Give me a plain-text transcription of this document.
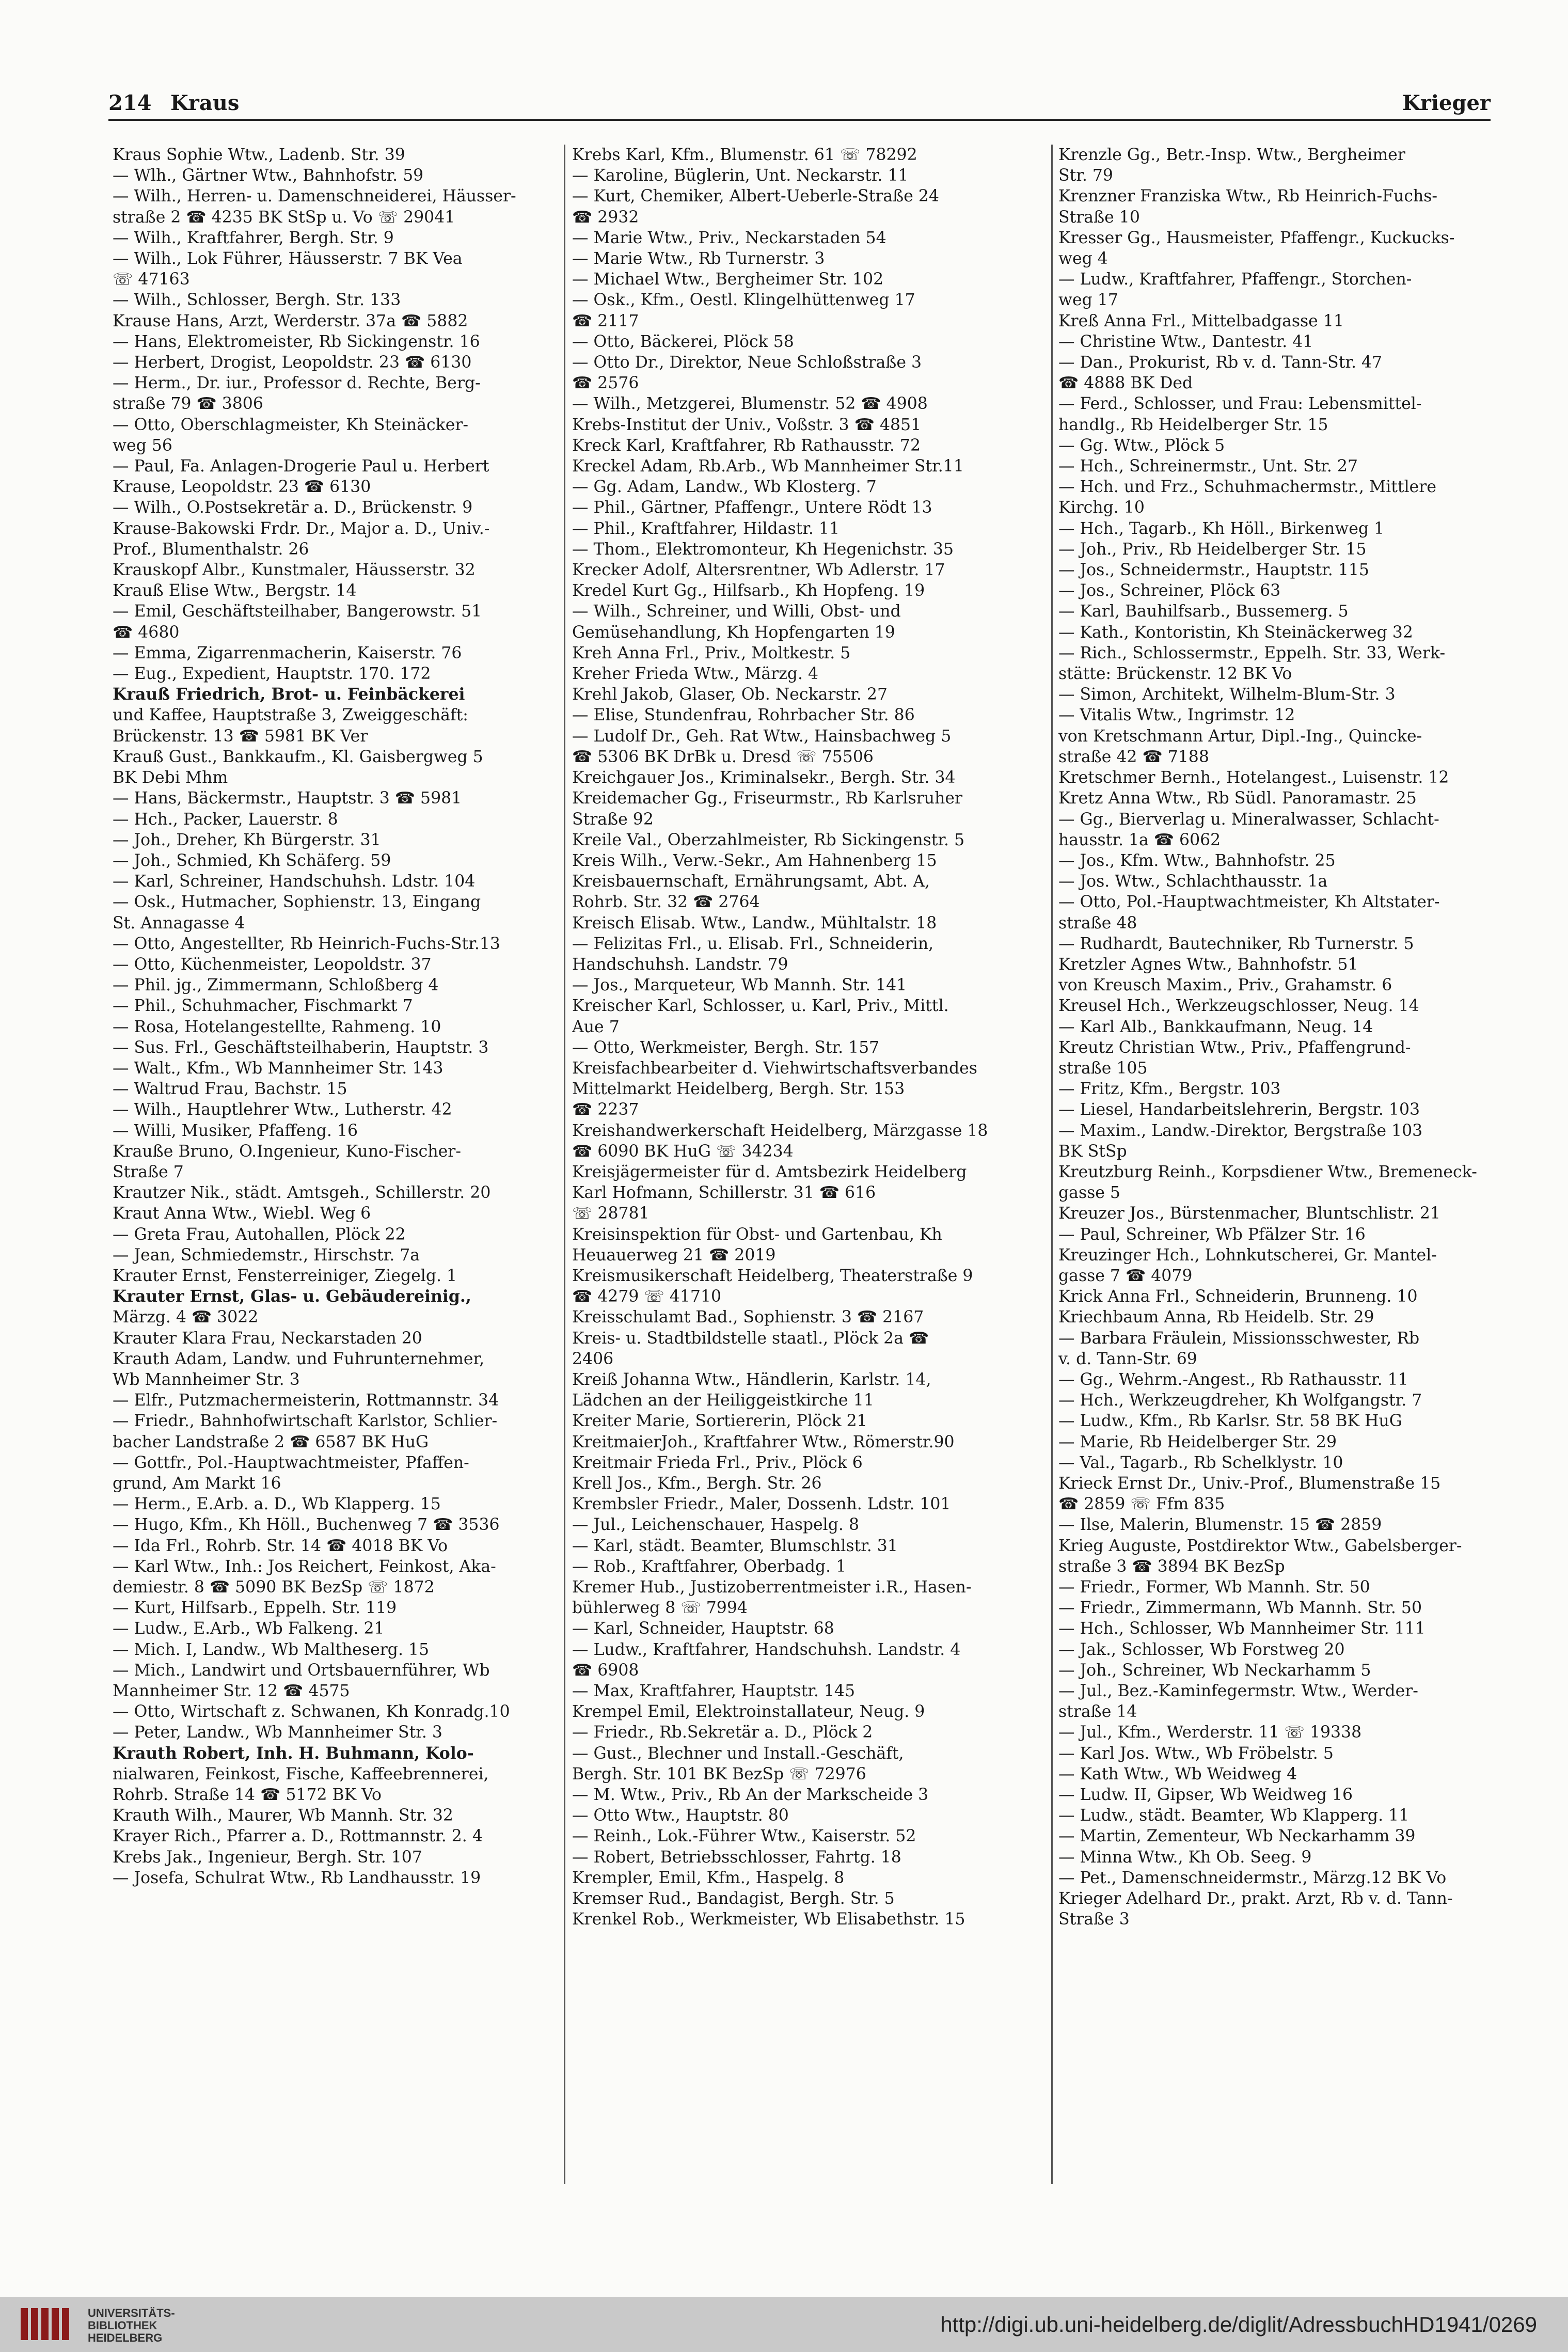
214 Kraus	Krieger
Kraus Sophie Wtw., Ladenb. Str. 39
— Wlh., Gärtner Wtw., Bahnhofstr. 59
— Wilh., Herren- u. Damenschneiderei, Häusser-
straße 2 ☎ 4235 BK StSp u. Vo ☏ 29041
— Wilh., Kraftfahrer, Bergh. Str. 9
— Wilh., Lok Führer, Häusserstr. 7 BK Vea
☏ 47163
— Wilh., Schlosser, Bergh. Str. 133
Krause Hans, Arzt, Werderstr. 37a ☎ 5882
— Hans, Elektromeister, Rb Sickingenstr. 16
— Herbert, Drogist, Leopoldstr. 23 ☎ 6130
— Herm., Dr. iur., Professor d. Rechte, Berg-
straße 79 ☎ 3806
— Otto, Oberschlagmeister, Kh Steinäcker-
weg 56
— Paul, Fa. Anlagen-Drogerie Paul u. Herbert
Krause, Leopoldstr. 23 ☎ 6130
— Wilh., O.Postsekretär a. D., Brückenstr. 9
Krause-Bakowski Frdr. Dr., Major a. D., Univ.-
Prof., Blumenthalstr. 26
Krauskopf Albr., Kunstmaler, Häusserstr. 32
Krauß Elise Wtw., Bergstr. 14
— Emil, Geschäftsteilhaber, Bangerowstr. 51
☎ 4680
— Emma, Zigarrenmacherin, Kaiserstr. 76
— Eug., Expedient, Hauptstr. 170. 172
Krauß Friedrich, Brot- u. Feinbäckerei
und Kaffee, Hauptstraße 3, Zweiggeschäft:
Brückenstr. 13 ☎ 5981 BK Ver
Krauß Gust., Bankkaufm., Kl. Gaisbergweg 5
BK Debi Mhm
— Hans, Bäckermstr., Hauptstr. 3 ☎ 5981
— Hch., Packer, Lauerstr. 8
— Joh., Dreher, Kh Bürgerstr. 31
— Joh., Schmied, Kh Schäferg. 59
— Karl, Schreiner, Handschuhsh. Ldstr. 104
— Osk., Hutmacher, Sophienstr. 13, Eingang
St. Annagasse 4
— Otto, Angestellter, Rb Heinrich-Fuchs-Str.13
— Otto, Küchenmeister, Leopoldstr. 37
— Phil. jg., Zimmermann, Schloßberg 4
— Phil., Schuhmacher, Fischmarkt 7
— Rosa, Hotelangestellte, Rahmeng. 10
— Sus. Frl., Geschäftsteilhaberin, Hauptstr. 3
— Walt., Kfm., Wb Mannheimer Str. 143
— Waltrud Frau, Bachstr. 15
— Wilh., Hauptlehrer Wtw., Lutherstr. 42
— Willi, Musiker, Pfaffeng. 16
Krauße Bruno, O.Ingenieur, Kuno-Fischer-
Straße 7
Krautzer Nik., städt. Amtsgeh., Schillerstr. 20
Kraut Anna Wtw., Wiebl. Weg 6
— Greta Frau, Autohallen, Plöck 22
— Jean, Schmiedemstr., Hirschstr. 7a
Krauter Ernst, Fensterreiniger, Ziegelg. 1
Krauter Ernst, Glas- u. Gebäudereinig.,
Märzg. 4 ☎ 3022
Krauter Klara Frau, Neckarstaden 20
Krauth Adam, Landw. und Fuhrunternehmer,
Wb Mannheimer Str. 3
— Elfr., Putzmachermeisterin, Rottmannstr. 34
— Friedr., Bahnhofwirtschaft Karlstor, Schlier-
bacher Landstraße 2 ☎ 6587 BK HuG
— Gottfr., Pol.-Hauptwachtmeister, Pfaffen-
grund, Am Markt 16
— Herm., E.Arb. a. D., Wb Klapperg. 15
— Hugo, Kfm., Kh Höll., Buchenweg 7 ☎ 3536
— Ida Frl., Rohrb. Str. 14 ☎ 4018 BK Vo
— Karl Wtw., Inh.: Jos Reichert, Feinkost, Aka-
demiestr. 8 ☎ 5090 BK BezSp ☏ 1872
— Kurt, Hilfsarb., Eppelh. Str. 119
— Ludw., E.Arb., Wb Falkeng. 21
— Mich. I, Landw., Wb Maltheserg. 15
— Mich., Landwirt und Ortsbauernführer, Wb
Mannheimer Str. 12 ☎ 4575
— Otto, Wirtschaft z. Schwanen, Kh Konradg.10
— Peter, Landw., Wb Mannheimer Str. 3
Krauth Robert, Inh. H. Buhmann, Kolo-
nialwaren, Feinkost, Fische, Kaffeebrennerei,
Rohrb. Straße 14 ☎ 5172 BK Vo
Krauth Wilh., Maurer, Wb Mannh. Str. 32
Krayer Rich., Pfarrer a. D., Rottmannstr. 2. 4
Krebs Jak., Ingenieur, Bergh. Str. 107
— Josefa, Schulrat Wtw., Rb Landhausstr. 19
Krebs Karl, Kfm., Blumenstr. 61 ☏ 78292
— Karoline, Büglerin, Unt. Neckarstr. 11
— Kurt, Chemiker, Albert-Ueberle-Straße 24
☎ 2932
— Marie Wtw., Priv., Neckarstaden 54
— Marie Wtw., Rb Turnerstr. 3
— Michael Wtw., Bergheimer Str. 102
— Osk., Kfm., Oestl. Klingelhüttenweg 17
☎ 2117
— Otto, Bäckerei, Plöck 58
— Otto Dr., Direktor, Neue Schloßstraße 3
☎ 2576
— Wilh., Metzgerei, Blumenstr. 52 ☎ 4908
Krebs-Institut der Univ., Voßstr. 3 ☎ 4851
Kreck Karl, Kraftfahrer, Rb Rathausstr. 72
Kreckel Adam, Rb.Arb., Wb Mannheimer Str.11
— Gg. Adam, Landw., Wb Klosterg. 7
— Phil., Gärtner, Pfaffengr., Untere Rödt 13
— Phil., Kraftfahrer, Hildastr. 11
— Thom., Elektromonteur, Kh Hegenichstr. 35
Krecker Adolf, Altersrentner, Wb Adlerstr. 17
Kredel Kurt Gg., Hilfsarb., Kh Hopfeng. 19
— Wilh., Schreiner, und Willi, Obst- und
Gemüsehandlung, Kh Hopfengarten 19
Kreh Anna Frl., Priv., Moltkestr. 5
Kreher Frieda Wtw., Märzg. 4
Krehl Jakob, Glaser, Ob. Neckarstr. 27
— Elise, Stundenfrau, Rohrbacher Str. 86
— Ludolf Dr., Geh. Rat Wtw., Hainsbachweg 5
☎ 5306 BK DrBk u. Dresd ☏ 75506
Kreichgauer Jos., Kriminalsekr., Bergh. Str. 34
Kreidemacher Gg., Friseurmstr., Rb Karlsruher
Straße 92
Kreile Val., Oberzahlmeister, Rb Sickingenstr. 5
Kreis Wilh., Verw.-Sekr., Am Hahnenberg 15
Kreisbauernschaft, Ernährungsamt, Abt. A,
Rohrb. Str. 32 ☎ 2764
Kreisch Elisab. Wtw., Landw., Mühltalstr. 18
— Felizitas Frl., u. Elisab. Frl., Schneiderin,
Handschuhsh. Landstr. 79
— Jos., Marqueteur, Wb Mannh. Str. 141
Kreischer Karl, Schlosser, u. Karl, Priv., Mittl.
Aue 7
— Otto, Werkmeister, Bergh. Str. 157
Kreisfachbearbeiter d. Viehwirtschaftsverbandes
Mittelmarkt Heidelberg, Bergh. Str. 153
☎ 2237
Kreishandwerkerschaft Heidelberg, Märzgasse 18
☎ 6090 BK HuG ☏ 34234
Kreisjägermeister für d. Amtsbezirk Heidelberg
Karl Hofmann, Schillerstr. 31 ☎ 616
☏ 28781
Kreisinspektion für Obst- und Gartenbau, Kh
Heuauerweg 21 ☎ 2019
Kreismusikerschaft Heidelberg, Theaterstraße 9
☎ 4279 ☏ 41710
Kreisschulamt Bad., Sophienstr. 3 ☎ 2167
Kreis- u. Stadtbildstelle staatl., Plöck 2a ☎
2406
Kreiß Johanna Wtw., Händlerin, Karlstr. 14,
Lädchen an der Heiliggeistkirche 11
Kreiter Marie, Sortiererin, Plöck 21
KreitmaierJoh., Kraftfahrer Wtw., Römerstr.90
Kreitmair Frieda Frl., Priv., Plöck 6
Krell Jos., Kfm., Bergh. Str. 26
Krembsler Friedr., Maler, Dossenh. Ldstr. 101
— Jul., Leichenschauer, Haspelg. 8
— Karl, städt. Beamter, Blumschlstr. 31
— Rob., Kraftfahrer, Oberbadg. 1
Kremer Hub., Justizoberrentmeister i.R., Hasen-
bühlerweg 8 ☏ 7994
— Karl, Schneider, Hauptstr. 68
— Ludw., Kraftfahrer, Handschuhsh. Landstr. 4
☎ 6908
— Max, Kraftfahrer, Hauptstr. 145
Krempel Emil, Elektroinstallateur, Neug. 9
— Friedr., Rb.Sekretär a. D., Plöck 2
— Gust., Blechner und Install.-Geschäft,
Bergh. Str. 101 BK BezSp ☏ 72976
— M. Wtw., Priv., Rb An der Markscheide 3
— Otto Wtw., Hauptstr. 80
— Reinh., Lok.-Führer Wtw., Kaiserstr. 52
— Robert, Betriebsschlosser, Fahrtg. 18
Krempler, Emil, Kfm., Haspelg. 8
Kremser Rud., Bandagist, Bergh. Str. 5
Krenkel Rob., Werkmeister, Wb Elisabethstr. 15
Krenzle Gg., Betr.-Insp. Wtw., Bergheimer
Str. 79
Krenzner Franziska Wtw., Rb Heinrich-Fuchs-
Straße 10
Kresser Gg., Hausmeister, Pfaffengr., Kuckucks-
weg 4
— Ludw., Kraftfahrer, Pfaffengr., Storchen-
weg 17
Kreß Anna Frl., Mittelbadgasse 11
— Christine Wtw., Dantestr. 41
— Dan., Prokurist, Rb v. d. Tann-Str. 47
☎ 4888 BK Ded
— Ferd., Schlosser, und Frau: Lebensmittel-
handlg., Rb Heidelberger Str. 15
— Gg. Wtw., Plöck 5
— Hch., Schreinermstr., Unt. Str. 27
— Hch. und Frz., Schuhmachermstr., Mittlere
Kirchg. 10
— Hch., Tagarb., Kh Höll., Birkenweg 1
— Joh., Priv., Rb Heidelberger Str. 15
— Jos., Schneidermstr., Hauptstr. 115
— Jos., Schreiner, Plöck 63
— Karl, Bauhilfsarb., Bussemerg. 5
— Kath., Kontoristin, Kh Steinäckerweg 32
— Rich., Schlossermstr., Eppelh. Str. 33, Werk-
stätte: Brückenstr. 12 BK Vo
— Simon, Architekt, Wilhelm-Blum-Str. 3
— Vitalis Wtw., Ingrimstr. 12
von Kretschmann Artur, Dipl.-Ing., Quincke-
straße 42 ☎ 7188
Kretschmer Bernh., Hotelangest., Luisenstr. 12
Kretz Anna Wtw., Rb Südl. Panoramastr. 25
— Gg., Bierverlag u. Mineralwasser, Schlacht-
hausstr. 1a ☎ 6062
— Jos., Kfm. Wtw., Bahnhofstr. 25
— Jos. Wtw., Schlachthausstr. 1a
— Otto, Pol.-Hauptwachtmeister, Kh Altstater-
straße 48
— Rudhardt, Bautechniker, Rb Turnerstr. 5
Kretzler Agnes Wtw., Bahnhofstr. 51
von Kreusch Maxim., Priv., Grahamstr. 6
Kreusel Hch., Werkzeugschlosser, Neug. 14
— Karl Alb., Bankkaufmann, Neug. 14
Kreutz Christian Wtw., Priv., Pfaffengrund-
straße 105
— Fritz, Kfm., Bergstr. 103
— Liesel, Handarbeitslehrerin, Bergstr. 103
— Maxim., Landw.-Direktor, Bergstraße 103
BK StSp
Kreutzburg Reinh., Korpsdiener Wtw., Bremeneck-
gasse 5
Kreuzer Jos., Bürstenmacher, Bluntschlistr. 21
— Paul, Schreiner, Wb Pfälzer Str. 16
Kreuzinger Hch., Lohnkutscherei, Gr. Mantel-
gasse 7 ☎ 4079
Krick Anna Frl., Schneiderin, Brunneng. 10
Kriechbaum Anna, Rb Heidelb. Str. 29
— Barbara Fräulein, Missionsschwester, Rb
v. d. Tann-Str. 69
— Gg., Wehrm.-Angest., Rb Rathausstr. 11
— Hch., Werkzeugdreher, Kh Wolfgangstr. 7
— Ludw., Kfm., Rb Karlsr. Str. 58 BK HuG
— Marie, Rb Heidelberger Str. 29
— Val., Tagarb., Rb Schelklystr. 10
Krieck Ernst Dr., Univ.-Prof., Blumenstraße 15
☎ 2859 ☏ Ffm 835
— Ilse, Malerin, Blumenstr. 15 ☎ 2859
Krieg Auguste, Postdirektor Wtw., Gabelsberger-
straße 3 ☎ 3894 BK BezSp
— Friedr., Former, Wb Mannh. Str. 50
— Friedr., Zimmermann, Wb Mannh. Str. 50
— Hch., Schlosser, Wb Mannheimer Str. 111
— Jak., Schlosser, Wb Forstweg 20
— Joh., Schreiner, Wb Neckarhamm 5
— Jul., Bez.-Kaminfegermstr. Wtw., Werder-
straße 14
— Jul., Kfm., Werderstr. 11 ☏ 19338
— Karl Jos. Wtw., Wb Fröbelstr. 5
— Kath Wtw., Wb Weidweg 4
— Ludw. II, Gipser, Wb Weidweg 16
— Ludw., städt. Beamter, Wb Klapperg. 11
— Martin, Zementeur, Wb Neckarhamm 39
— Minna Wtw., Kh Ob. Seeg. 9
— Pet., Damenschneidermstr., Märzg.12 BK Vo
Krieger Adelhard Dr., prakt. Arzt, Rb v. d. Tann-
Straße 3
UNIVERSITÄTS-
BIBLIOTHEK
HEIDELBERG
http://digi.ub.uni-heidelberg.de/diglit/AdressbuchHD1941/0269
